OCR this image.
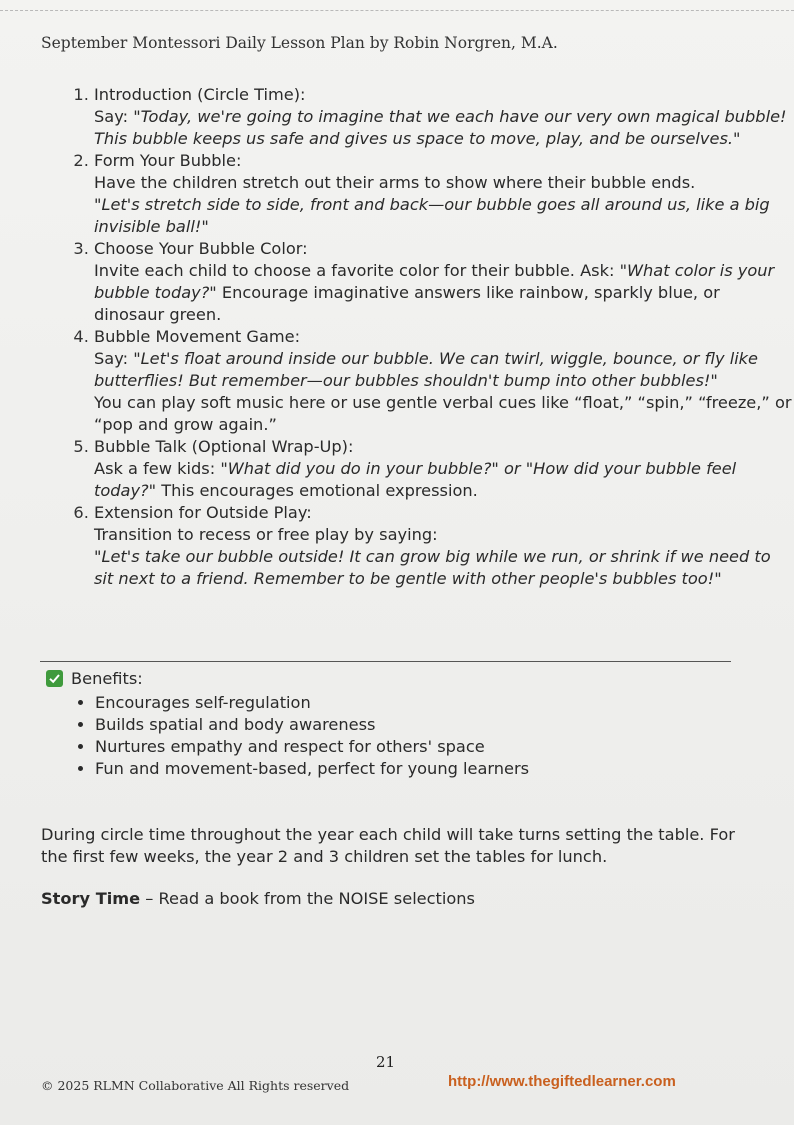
September Montessori Daily Lesson Plan by Robin Norgren, M.A.
1. Introduction (Circle Time):
Say: "Today, we're going to imagine that we each have our very own magical bubble! This bubble keeps us safe and gives us space to move, play, and be ourselves."
2. Form Your Bubble:
Have the children stretch out their arms to show where their bubble ends.
"Let's stretch side to side, front and back—our bubble goes all around us, like a big invisible ball!"
3. Choose Your Bubble Color:
Invite each child to choose a favorite color for their bubble. Ask: "What color is your bubble today?" Encourage imaginative answers like rainbow, sparkly blue, or dinosaur green.
4. Bubble Movement Game:
Say: "Let's float around inside our bubble. We can twirl, wiggle, bounce, or fly like butterflies! But remember—our bubbles shouldn't bump into other bubbles!"
You can play soft music here or use gentle verbal cues like “float,” “spin,” “freeze,” or “pop and grow again.”
5. Bubble Talk (Optional Wrap-Up):
Ask a few kids: "What did you do in your bubble?" or "How did your bubble feel today?" This encourages emotional expression.
6. Extension for Outside Play:
Transition to recess or free play by saying:
"Let's take our bubble outside! It can grow big while we run, or shrink if we need to sit next to a friend. Remember to be gentle with other people's bubbles too!"
Benefits:
• Encourages self-regulation
• Builds spatial and body awareness
• Nurtures empathy and respect for others' space
• Fun and movement-based, perfect for young learners
During circle time throughout the year each child will take turns setting the table. For the first few weeks, the year 2 and 3 children set the tables for lunch.
Story Time – Read a book from the NOISE selections
21
© 2025 RLMN Collaborative All Rights reserved	http://www.thegiftedlearner.com
